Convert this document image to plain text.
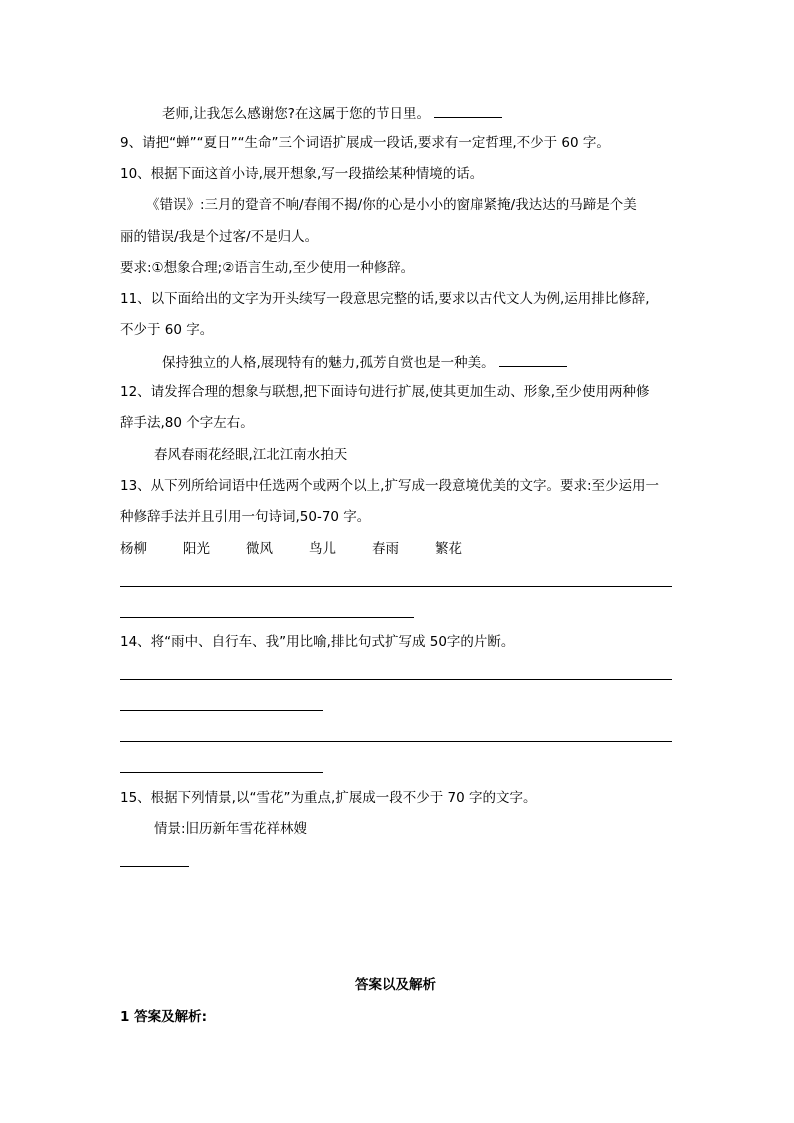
老师,让我怎么感谢您?在这属于您的节日里。
9、请把“蝉”“夏日”“生命”三个词语扩展成一段话,要求有一定哲理,不少于 60 字。
10、根据下面这首小诗,展开想象,写一段描绘某种情境的话。
《错误》:三月的跫音不响/春闱不揭/你的心是小小的窗扉紧掩/我达达的马蹄是个美
丽的错误/我是个过客/不是归人。
要求:①想象合理;②语言生动,至少使用一种修辞。
11、以下面给出的文字为开头续写一段意思完整的话,要求以古代文人为例,运用排比修辞,
不少于 60 字。
保持独立的人格,展现特有的魅力,孤芳自赏也是一种美。
12、请发挥合理的想象与联想,把下面诗句进行扩展,使其更加生动、形象,至少使用两种修
辞手法,80 个字左右。
春风春雨花经眼,江北江南水拍天
13、从下列所给词语中任选两个或两个以上,扩写成一段意境优美的文字。要求:至少运用一
种修辞手法并且引用一句诗词,50-70 字。
杨柳	阳光	微风	鸟儿	春雨	繁花
14、将“雨中、自行车、我”用比喻,排比句式扩写成 50字的片断。
15、根据下列情景,以“雪花”为重点,扩展成一段不少于 70 字的文字。
情景:旧历新年雪花祥林嫂
答案以及解析
1 答案及解析:
